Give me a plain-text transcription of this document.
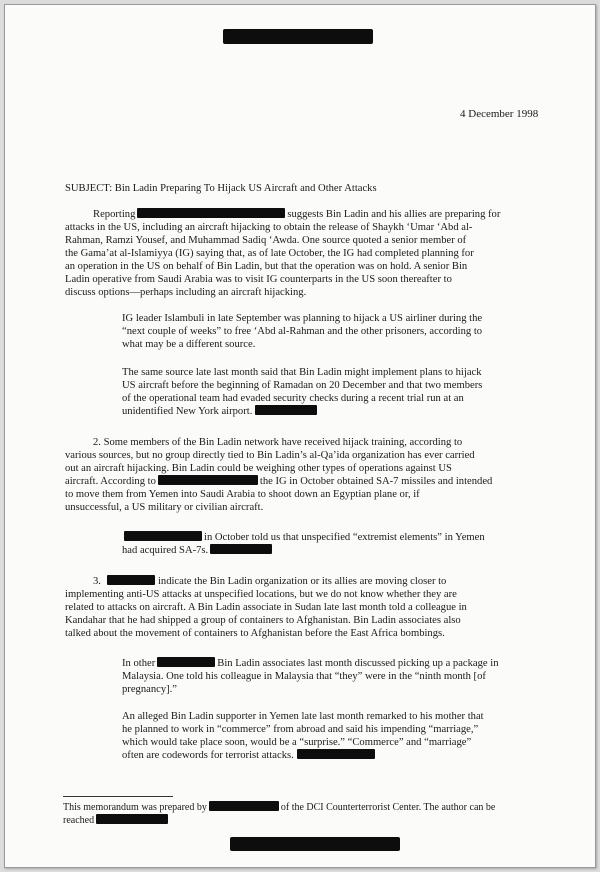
4 December 1998
SUBJECT: Bin Ladin Preparing To Hijack US Aircraft and Other Attacks
Reporting	suggests Bin Ladin and his allies are preparing for
attacks in the US, including an aircraft hijacking to obtain the release of Shaykh ‘Umar ‘Abd al-
Rahman, Ramzi Yousef, and Muhammad Sadiq ‘Awda. One source quoted a senior member of
the Gama’at al-Islamiyya (IG) saying that, as of late October, the IG had completed planning for
an operation in the US on behalf of Bin Ladin, but that the operation was on hold. A senior Bin
Ladin operative from Saudi Arabia was to visit IG counterparts in the US soon thereafter to
discuss options—perhaps including an aircraft hijacking.
IG leader Islambuli in late September was planning to hijack a US airliner during the
“next couple of weeks” to free ‘Abd al-Rahman and the other prisoners, according to
what may be a different source.
The same source late last month said that Bin Ladin might implement plans to hijack
US aircraft before the beginning of Ramadan on 20 December and that two members
of the operational team had evaded security checks during a recent trial run at an
unidentified New York airport.
2. Some members of the Bin Ladin network have received hijack training, according to
various sources, but no group directly tied to Bin Ladin’s al-Qa’ida organization has ever carried
out an aircraft hijacking. Bin Ladin could be weighing other types of operations against US
aircraft. According to	the IG in October obtained SA-7 missiles and intended
to move them from Yemen into Saudi Arabia to shoot down an Egyptian plane or, if
unsuccessful, a US military or civilian aircraft.
in October told us that unspecified “extremist elements” in Yemen
had acquired SA-7s.
3.	indicate the Bin Ladin organization or its allies are moving closer to
implementing anti-US attacks at unspecified locations, but we do not know whether they are
related to attacks on aircraft. A Bin Ladin associate in Sudan late last month told a colleague in
Kandahar that he had shipped a group of containers to Afghanistan. Bin Ladin associates also
talked about the movement of containers to Afghanistan before the East Africa bombings.
In other	Bin Ladin associates last month discussed picking up a package in
Malaysia. One told his colleague in Malaysia that “they” were in the “ninth month [of
pregnancy].”
An alleged Bin Ladin supporter in Yemen late last month remarked to his mother that
he planned to work in “commerce” from abroad and said his impending “marriage,”
which would take place soon, would be a “surprise.” “Commerce” and “marriage”
often are codewords for terrorist attacks.
This memorandum was prepared by	of the DCI Counterterrorist Center. The author can be
reached
